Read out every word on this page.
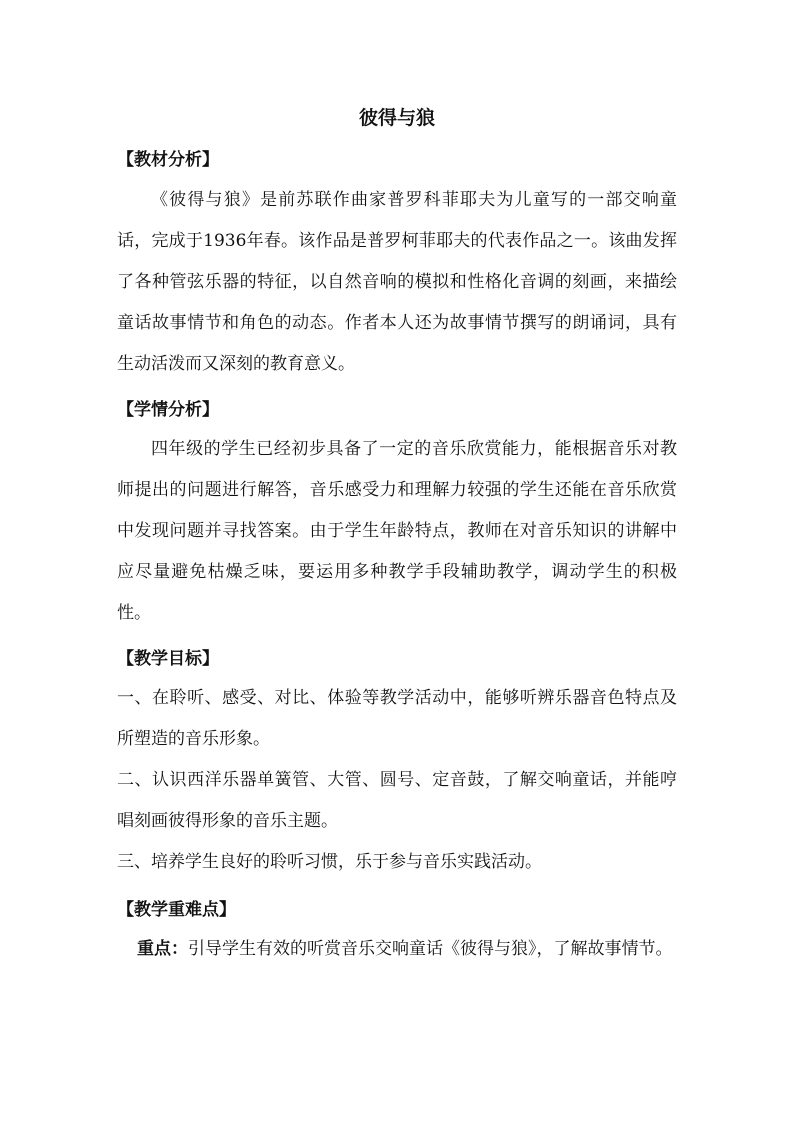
彼得与狼
【教材分析】
《彼得与狼》是前苏联作曲家普罗科菲耶夫为儿童写的一部交响童话，完成于1936年春。该作品是普罗柯菲耶夫的代表作品之一。该曲发挥了各种管弦乐器的特征，以自然音响的模拟和性格化音调的刻画，来描绘童话故事情节和角色的动态。作者本人还为故事情节撰写的朗诵词，具有生动活泼而又深刻的教育意义。
【学情分析】
四年级的学生已经初步具备了一定的音乐欣赏能力，能根据音乐对教师提出的问题进行解答，音乐感受力和理解力较强的学生还能在音乐欣赏中发现问题并寻找答案。由于学生年龄特点，教师在对音乐知识的讲解中应尽量避免枯燥乏味，要运用多种教学手段辅助教学，调动学生的积极性。
【教学目标】
一、在聆听、感受、对比、体验等教学活动中，能够听辨乐器音色特点及所塑造的音乐形象。
二、认识西洋乐器单簧管、大管、圆号、定音鼓，了解交响童话，并能哼唱刻画彼得形象的音乐主题。
三、培养学生良好的聆听习惯，乐于参与音乐实践活动。
【教学重难点】
重点：引导学生有效的听赏音乐交响童话《彼得与狼》，了解故事情节。
